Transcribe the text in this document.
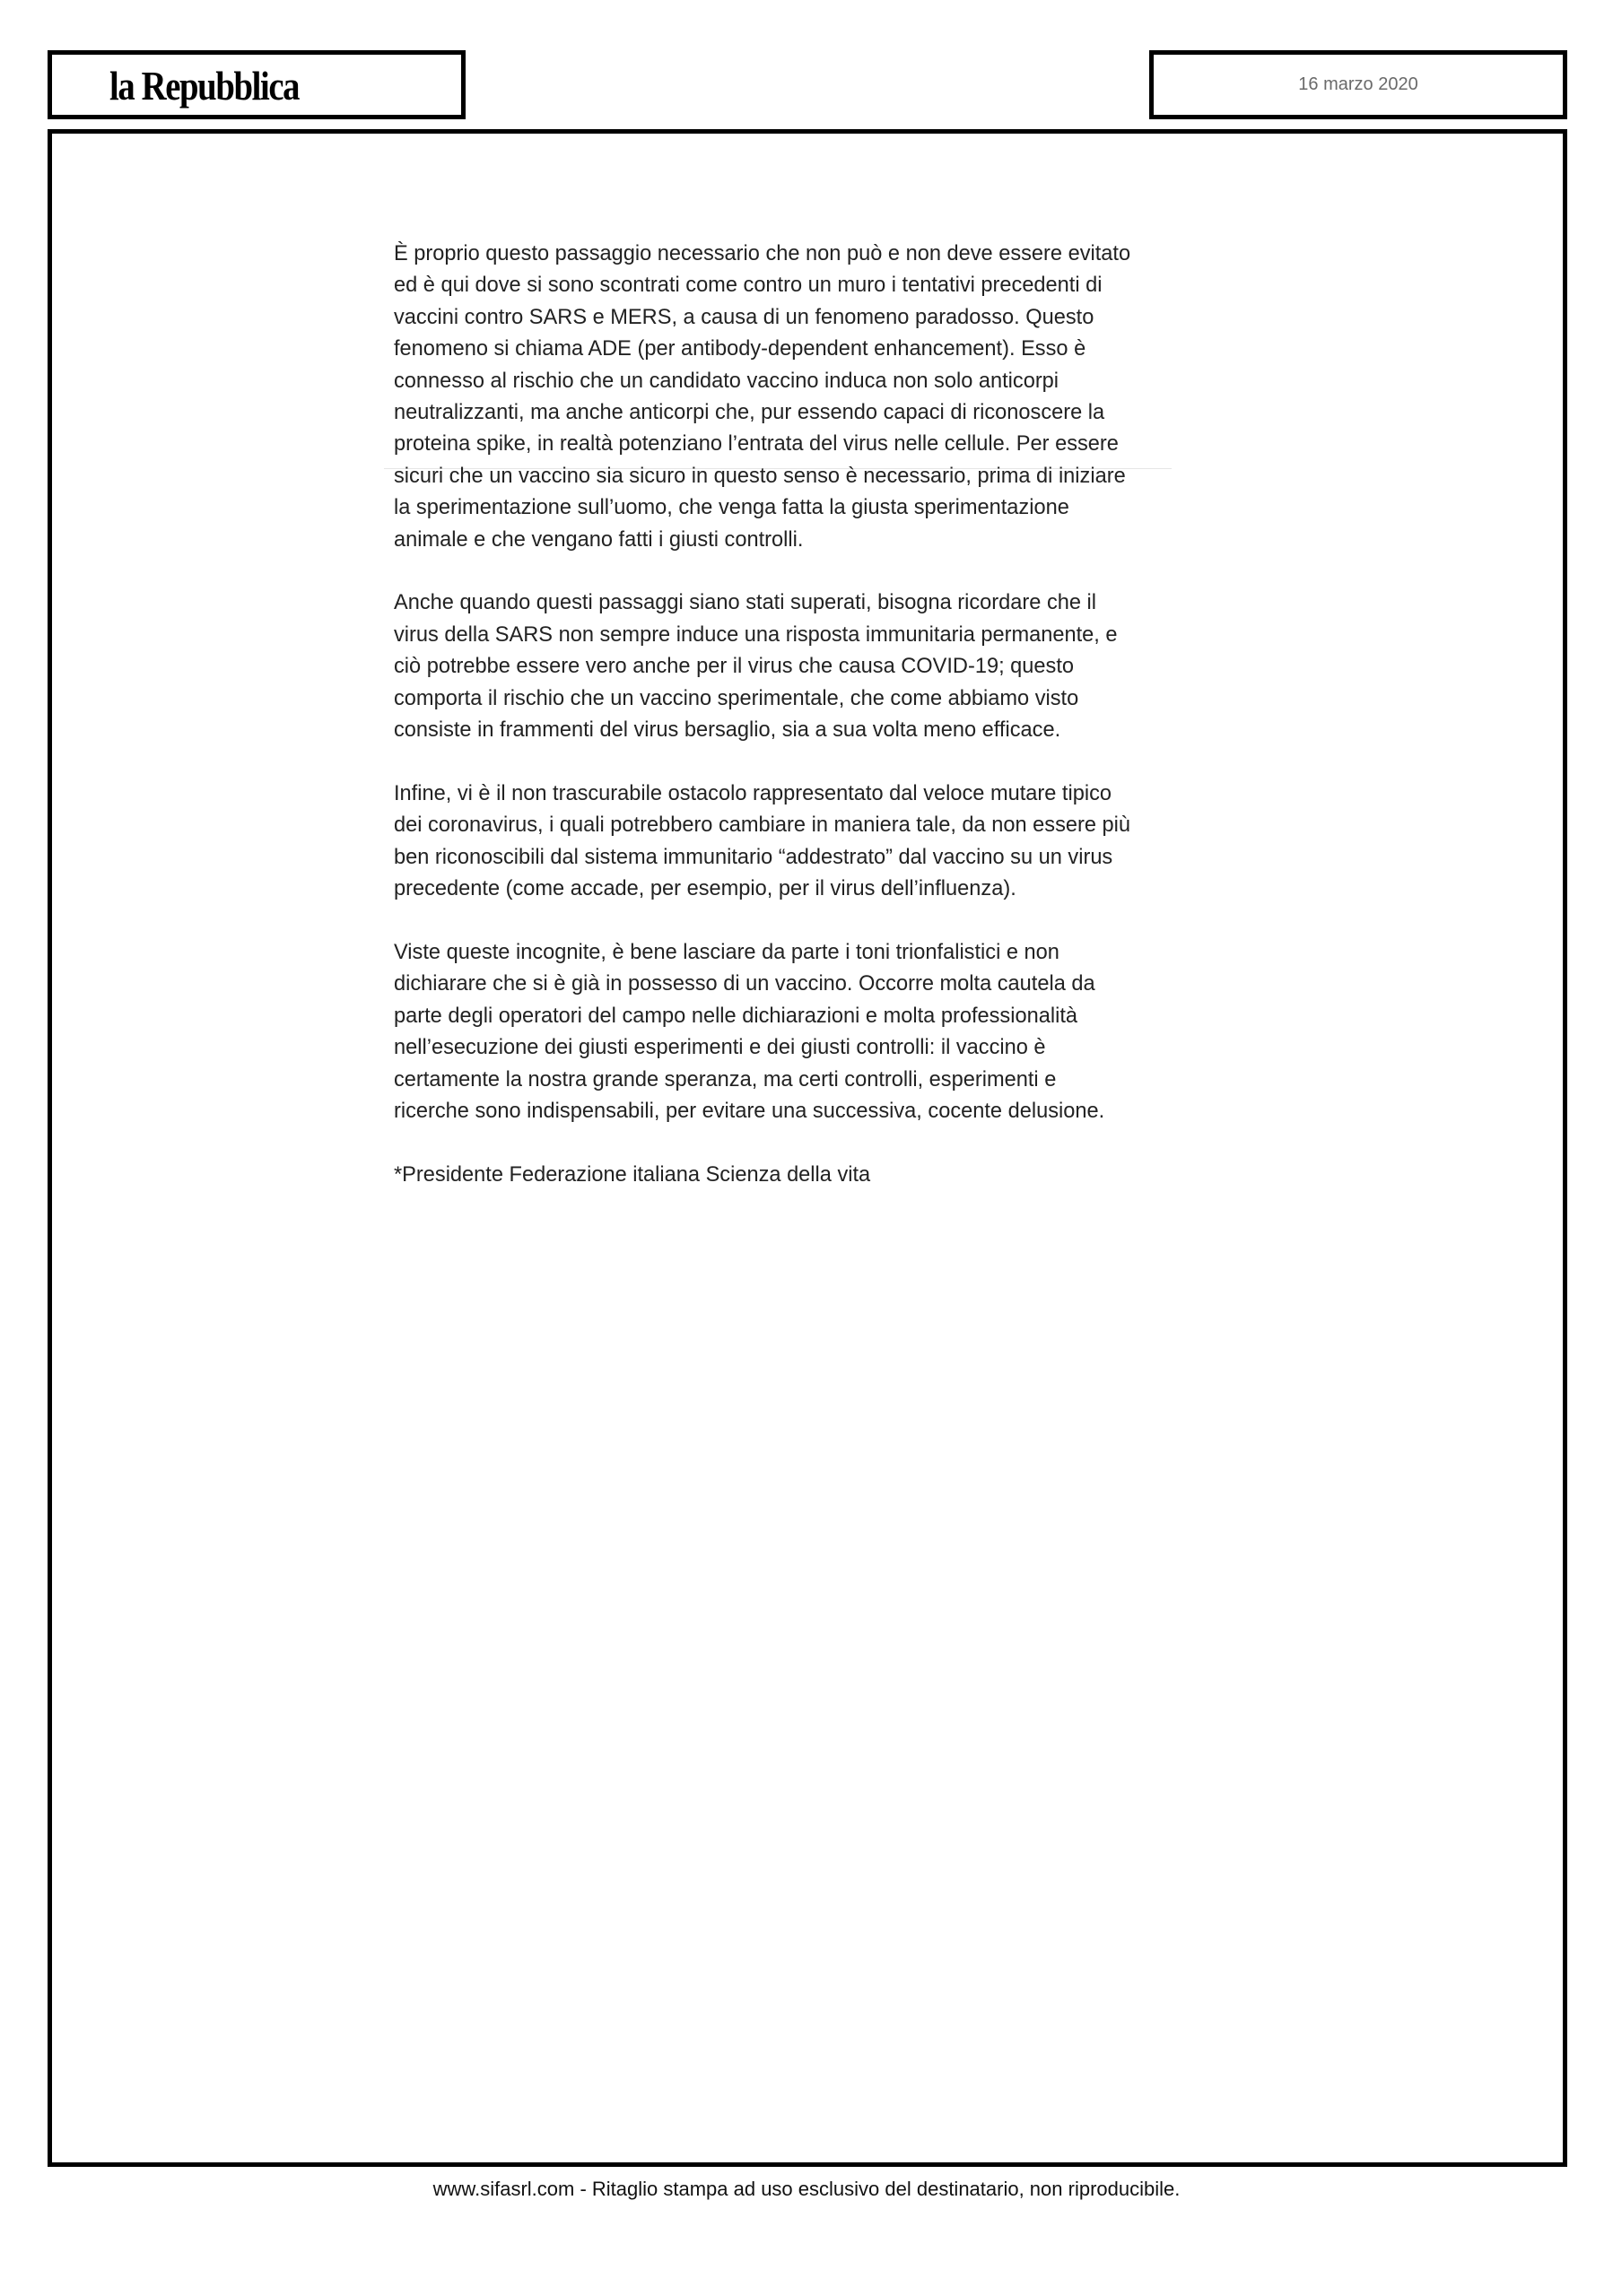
la Repubblica	16 marzo 2020

È proprio questo passaggio necessario che non può e non deve essere evitato
ed è qui dove si sono scontrati come contro un muro i tentativi precedenti di
vaccini contro SARS e MERS, a causa di un fenomeno paradosso. Questo
fenomeno si chiama ADE (per antibody-dependent enhancement). Esso è
connesso al rischio che un candidato vaccino induca non solo anticorpi
neutralizzanti, ma anche anticorpi che, pur essendo capaci di riconoscere la
proteina spike, in realtà potenziano l’entrata del virus nelle cellule. Per essere
sicuri che un vaccino sia sicuro in questo senso è necessario, prima di iniziare
la sperimentazione sull’uomo, che venga fatta la giusta sperimentazione
animale e che vengano fatti i giusti controlli.

Anche quando questi passaggi siano stati superati, bisogna ricordare che il
virus della SARS non sempre induce una risposta immunitaria permanente, e
ciò potrebbe essere vero anche per il virus che causa COVID-19; questo
comporta il rischio che un vaccino sperimentale, che come abbiamo visto
consiste in frammenti del virus bersaglio, sia a sua volta meno efficace.

Infine, vi è il non trascurabile ostacolo rappresentato dal veloce mutare tipico
dei coronavirus, i quali potrebbero cambiare in maniera tale, da non essere più
ben riconoscibili dal sistema immunitario “addestrato” dal vaccino su un virus
precedente (come accade, per esempio, per il virus dell’influenza).

Viste queste incognite, è bene lasciare da parte i toni trionfalistici e non
dichiarare che si è già in possesso di un vaccino. Occorre molta cautela da
parte degli operatori del campo nelle dichiarazioni e molta professionalità
nell’esecuzione dei giusti esperimenti e dei giusti controlli: il vaccino è
certamente la nostra grande speranza, ma certi controlli, esperimenti e
ricerche sono indispensabili, per evitare una successiva, cocente delusione.

*Presidente Federazione italiana Scienza della vita

www.sifasrl.com - Ritaglio stampa ad uso esclusivo del destinatario, non riproducibile.
